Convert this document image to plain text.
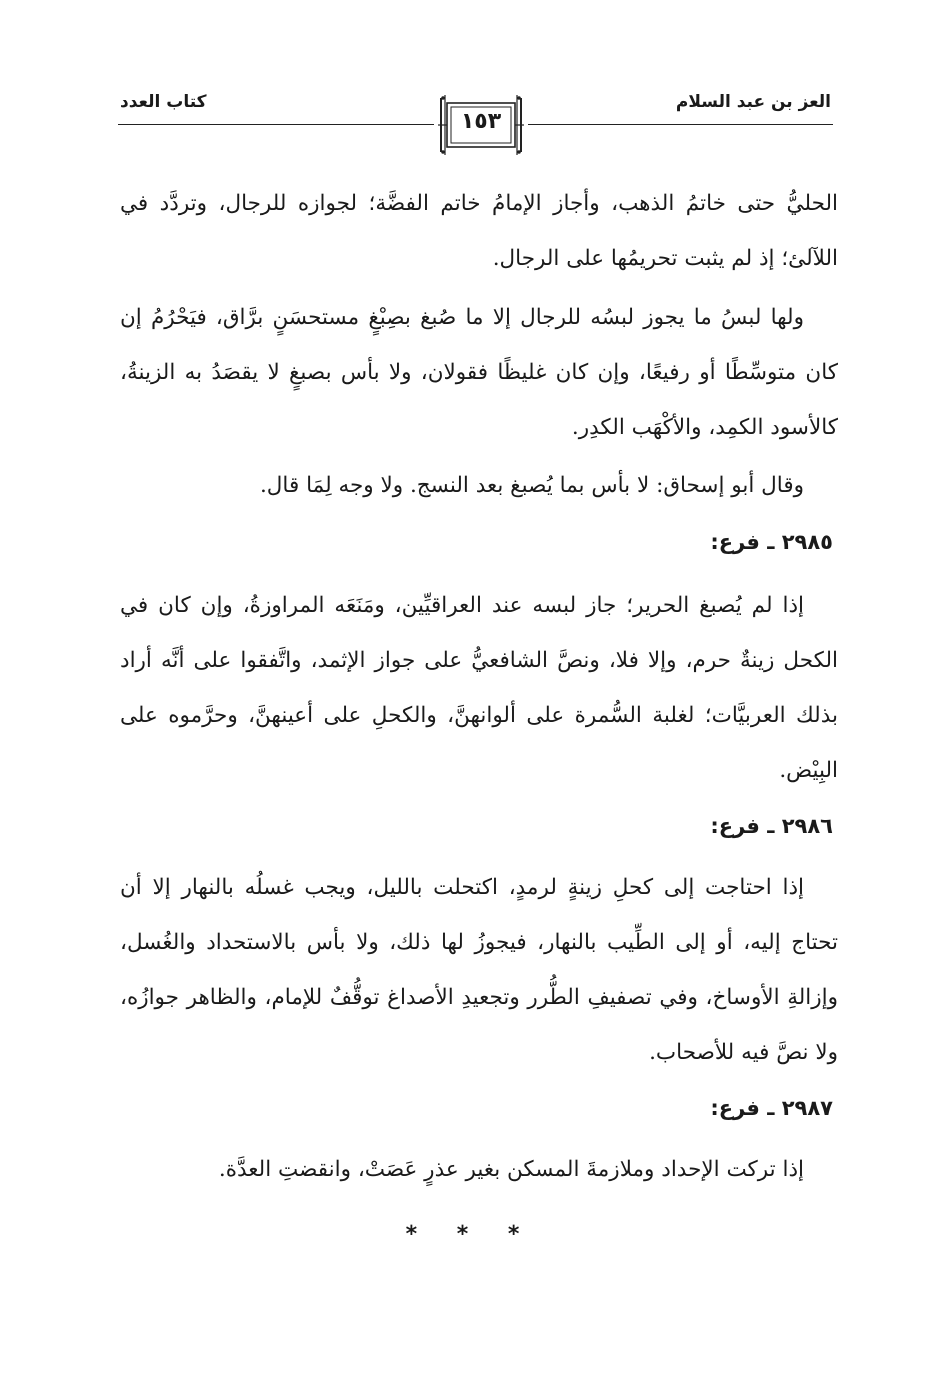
العز بن عبد السلام
كتاب العدد
١٥٣

الحليُّ حتى خاتمُ الذهب، وأجاز الإمامُ خاتم الفضَّة؛ لجوازه للرجال، وتردَّد في اللآلئ؛ إذ لم يثبت تحريمُها على الرجال.

ولها لبسُ ما يجوز لبسُه للرجال إلا ما صُبغ بصِبْغٍ مستحسَنٍ برَّاق، فيَحْرُمُ إن كان متوسِّطًا أو رفيعًا، وإن كان غليظًا فقولان، ولا بأس بصبغٍ لا يقصَدُ به الزينةُ، كالأسود الكمِد، والأكْهَب الكدِر.

وقال أبو إسحاق: لا بأس بما يُصبغ بعد النسج. ولا وجه لِمَا قال.

٢٩٨٥ ـ فرع:

إذا لم يُصبغ الحرير؛ جاز لبسه عند العراقيِّين، ومَنَعَه المراوزةُ، وإن كان في الكحل زينةٌ حرم، وإلا فلا، ونصَّ الشافعيُّ على جواز الإثمد، واتَّفقوا على أنَّه أراد بذلك العربيَّات؛ لغلبة السُّمرة على ألوانهنَّ، والكحلِ على أعينهنَّ، وحرَّموه على البِيْض.

٢٩٨٦ ـ فرع:

إذا احتاجت إلى كحلِ زينةٍ لرمدٍ، اكتحلت بالليل، ويجب غسلُه بالنهار إلا أن تحتاج إليه، أو إلى الطِّيب بالنهار، فيجوزُ لها ذلك، ولا بأس بالاستحداد والغُسل، وإزالةِ الأوساخ، وفي تصفيفِ الطُّرر وتجعيدِ الأصداغ توقُّفٌ للإمام، والظاهر جوازُه، ولا نصَّ فيه للأصحاب.

٢٩٨٧ ـ فرع:

إذا تركت الإحداد وملازمةَ المسكن بغير عذرٍ عَصَتْ، وانقضتِ العدَّة.

* * *
